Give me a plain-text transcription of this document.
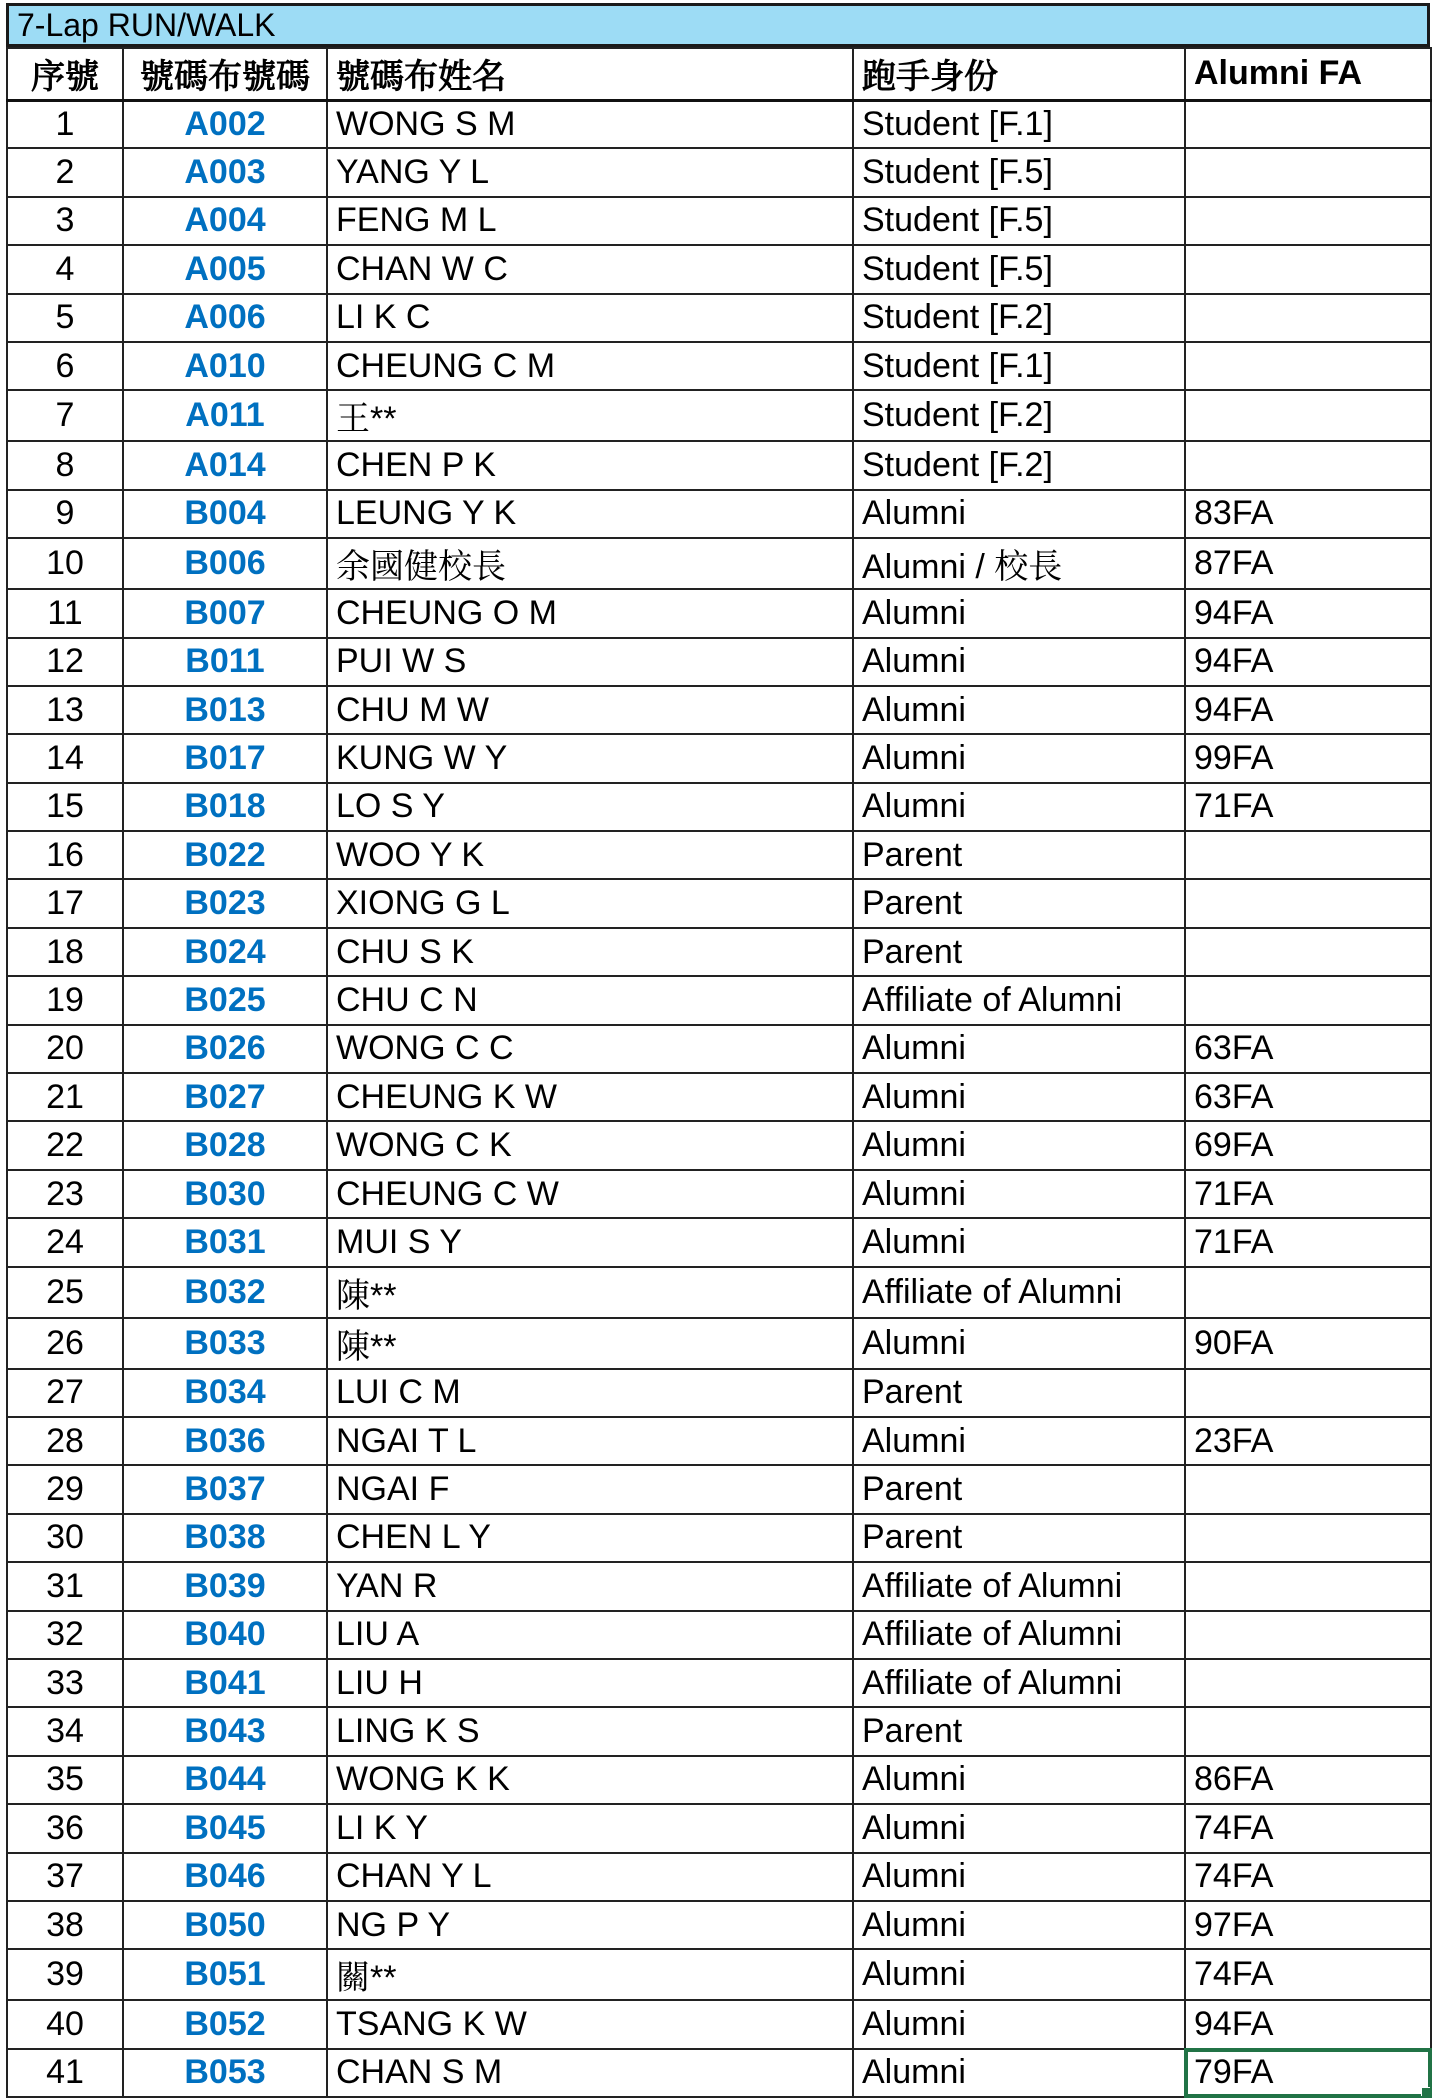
7-Lap RUN/WALK
序號	號碼布號碼	號碼布姓名	跑手身份	Alumni FA
1	A002	WONG S M	Student [F.1]	
2	A003	YANG Y L	Student [F.5]	
3	A004	FENG M L	Student [F.5]	
4	A005	CHAN W C	Student [F.5]	
5	A006	LI K C	Student [F.2]	
6	A010	CHEUNG C M	Student [F.1]	
7	A011	王**	Student [F.2]	
8	A014	CHEN P K	Student [F.2]	
9	B004	LEUNG Y K	Alumni	83FA
10	B006	余國健校長	Alumni / 校長	87FA
11	B007	CHEUNG O M	Alumni	94FA
12	B011	PUI W S	Alumni	94FA
13	B013	CHU M W	Alumni	94FA
14	B017	KUNG W Y	Alumni	99FA
15	B018	LO S Y	Alumni	71FA
16	B022	WOO Y K	Parent	
17	B023	XIONG G L	Parent	
18	B024	CHU S K	Parent	
19	B025	CHU C N	Affiliate of Alumni	
20	B026	WONG C C	Alumni	63FA
21	B027	CHEUNG K W	Alumni	63FA
22	B028	WONG C K	Alumni	69FA
23	B030	CHEUNG C W	Alumni	71FA
24	B031	MUI S Y	Alumni	71FA
25	B032	陳**	Affiliate of Alumni	
26	B033	陳**	Alumni	90FA
27	B034	LUI C M	Parent	
28	B036	NGAI T L	Alumni	23FA
29	B037	NGAI F	Parent	
30	B038	CHEN L Y	Parent	
31	B039	YAN R	Affiliate of Alumni	
32	B040	LIU A	Affiliate of Alumni	
33	B041	LIU H	Affiliate of Alumni	
34	B043	LING K S	Parent	
35	B044	WONG K K	Alumni	86FA
36	B045	LI K Y	Alumni	74FA
37	B046	CHAN Y L	Alumni	74FA
38	B050	NG P Y	Alumni	97FA
39	B051	關**	Alumni	74FA
40	B052	TSANG K W	Alumni	94FA
41	B053	CHAN S M	Alumni	79FA
